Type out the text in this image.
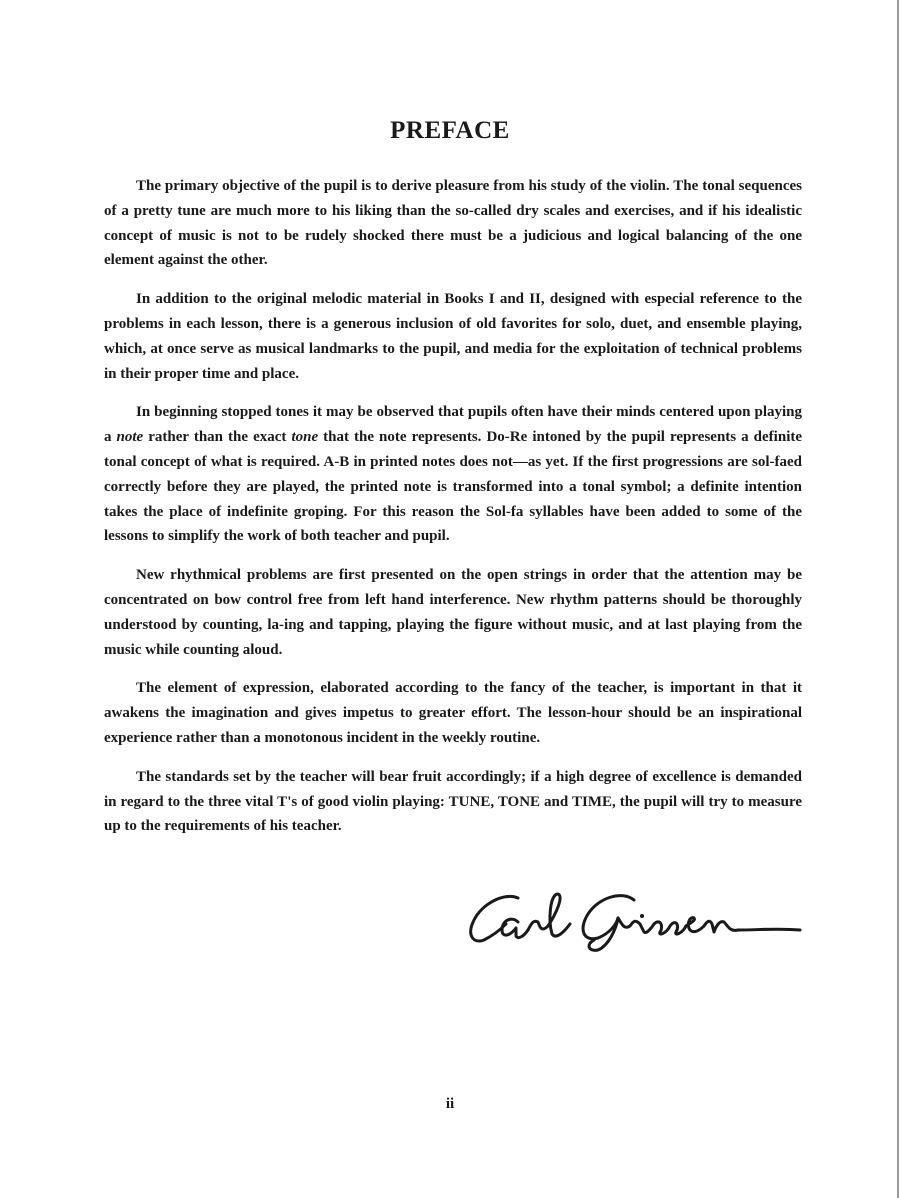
PREFACE

The primary objective of the pupil is to derive pleasure from his study of the violin. The tonal sequences of a pretty tune are much more to his liking than the so-called dry scales and exercises, and if his idealistic concept of music is not to be rudely shocked there must be a judicious and logical balancing of the one element against the other.

In addition to the original melodic material in Books I and II, designed with especial reference to the problems in each lesson, there is a generous inclusion of old favorites for solo, duet, and ensemble playing, which, at once serve as musical landmarks to the pupil, and media for the exploitation of technical problems in their proper time and place.

In beginning stopped tones it may be observed that pupils often have their minds centered upon playing a note rather than the exact tone that the note represents. Do-Re intoned by the pupil represents a definite tonal concept of what is required. A-B in printed notes does not—as yet. If the first progressions are sol-faed correctly before they are played, the printed note is transformed into a tonal symbol; a definite intention takes the place of indefinite groping. For this reason the Sol-fa syllables have been added to some of the lessons to simplify the work of both teacher and pupil.

New rhythmical problems are first presented on the open strings in order that the attention may be concentrated on bow control free from left hand interference. New rhythm patterns should be thoroughly understood by counting, la-ing and tapping, playing the figure without music, and at last playing from the music while counting aloud.

The element of expression, elaborated according to the fancy of the teacher, is important in that it awakens the imagination and gives impetus to greater effort. The lesson-hour should be an inspirational experience rather than a monotonous incident in the weekly routine.

The standards set by the teacher will bear fruit accordingly; if a high degree of excellence is demanded in regard to the three vital T's of good violin playing: TUNE, TONE and TIME, the pupil will try to measure up to the requirements of his teacher.

ii
